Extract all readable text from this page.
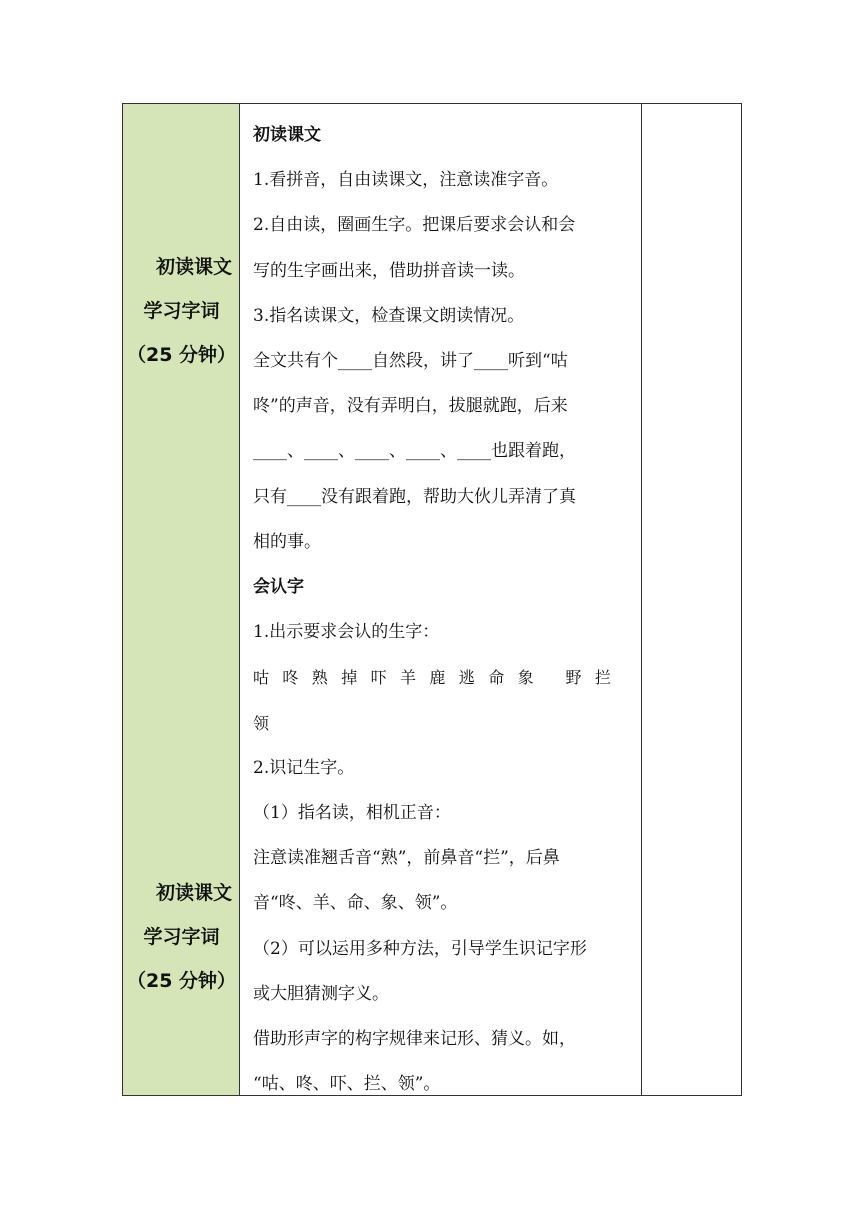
初读课文
学习字词
（25 分钟）
初读课文
学习字词
（25 分钟）

初读课文

1.看拼音，自由读课文，注意读准字音。

2.自由读，圈画生字。把课后要求会认和会

写的生字画出来，借助拼音读一读。

3.指名读课文，检查课文朗读情况。

全文共有个____自然段，讲了____听到“咕

咚”的声音，没有弄明白，拔腿就跑，后来

____、____、____、____、____也跟着跑，

只有____没有跟着跑，帮助大伙儿弄清了真

相的事。

会认字

1.出示要求会认的生字：

咕咚熟掉吓羊鹿逃命象 野拦

领

2.识记生字。

（1）指名读，相机正音：

注意读准翘舌音“熟”，前鼻音“拦”，后鼻

音“咚、羊、命、象、领”。

（2）可以运用多种方法，引导学生识记字形

或大胆猜测字义。

借助形声字的构字规律来记形、猜义。如，

“咕、咚、吓、拦、领”。
